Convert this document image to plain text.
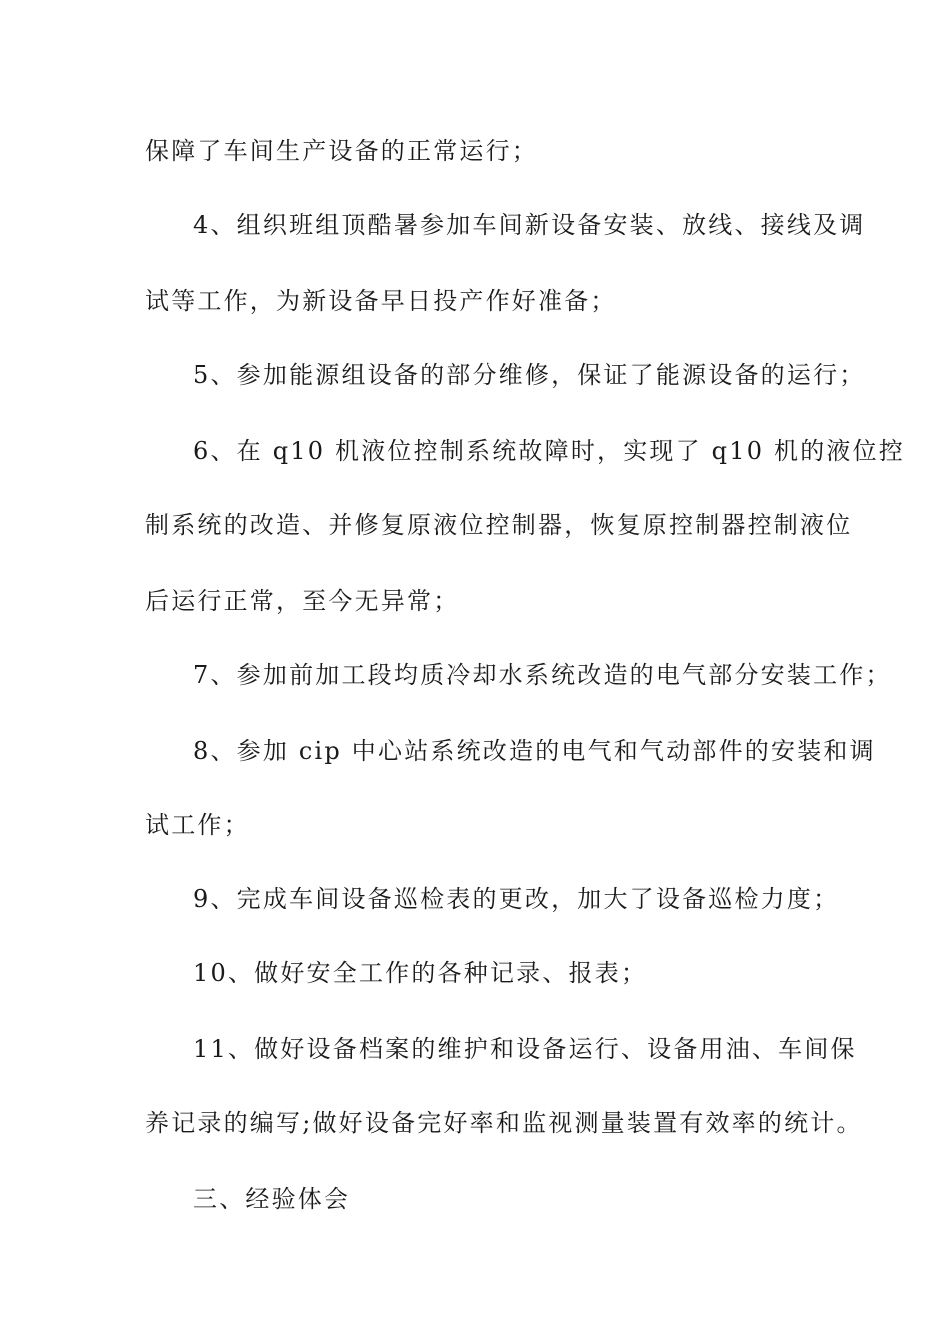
保障了车间生产设备的正常运行；
4、组织班组顶酷暑参加车间新设备安装、放线、接线及调
试等工作，为新设备早日投产作好准备；
5、参加能源组设备的部分维修，保证了能源设备的运行；
6、在 q10 机液位控制系统故障时，实现了 q10 机的液位控
制系统的改造、并修复原液位控制器，恢复原控制器控制液位
后运行正常，至今无异常；
7、参加前加工段均质冷却水系统改造的电气部分安装工作；
8、参加 cip 中心站系统改造的电气和气动部件的安装和调
试工作；
9、完成车间设备巡检表的更改，加大了设备巡检力度；
10、做好安全工作的各种记录、报表；
11、做好设备档案的维护和设备运行、设备用油、车间保
养记录的编写;做好设备完好率和监视测量装置有效率的统计。
三、经验体会
